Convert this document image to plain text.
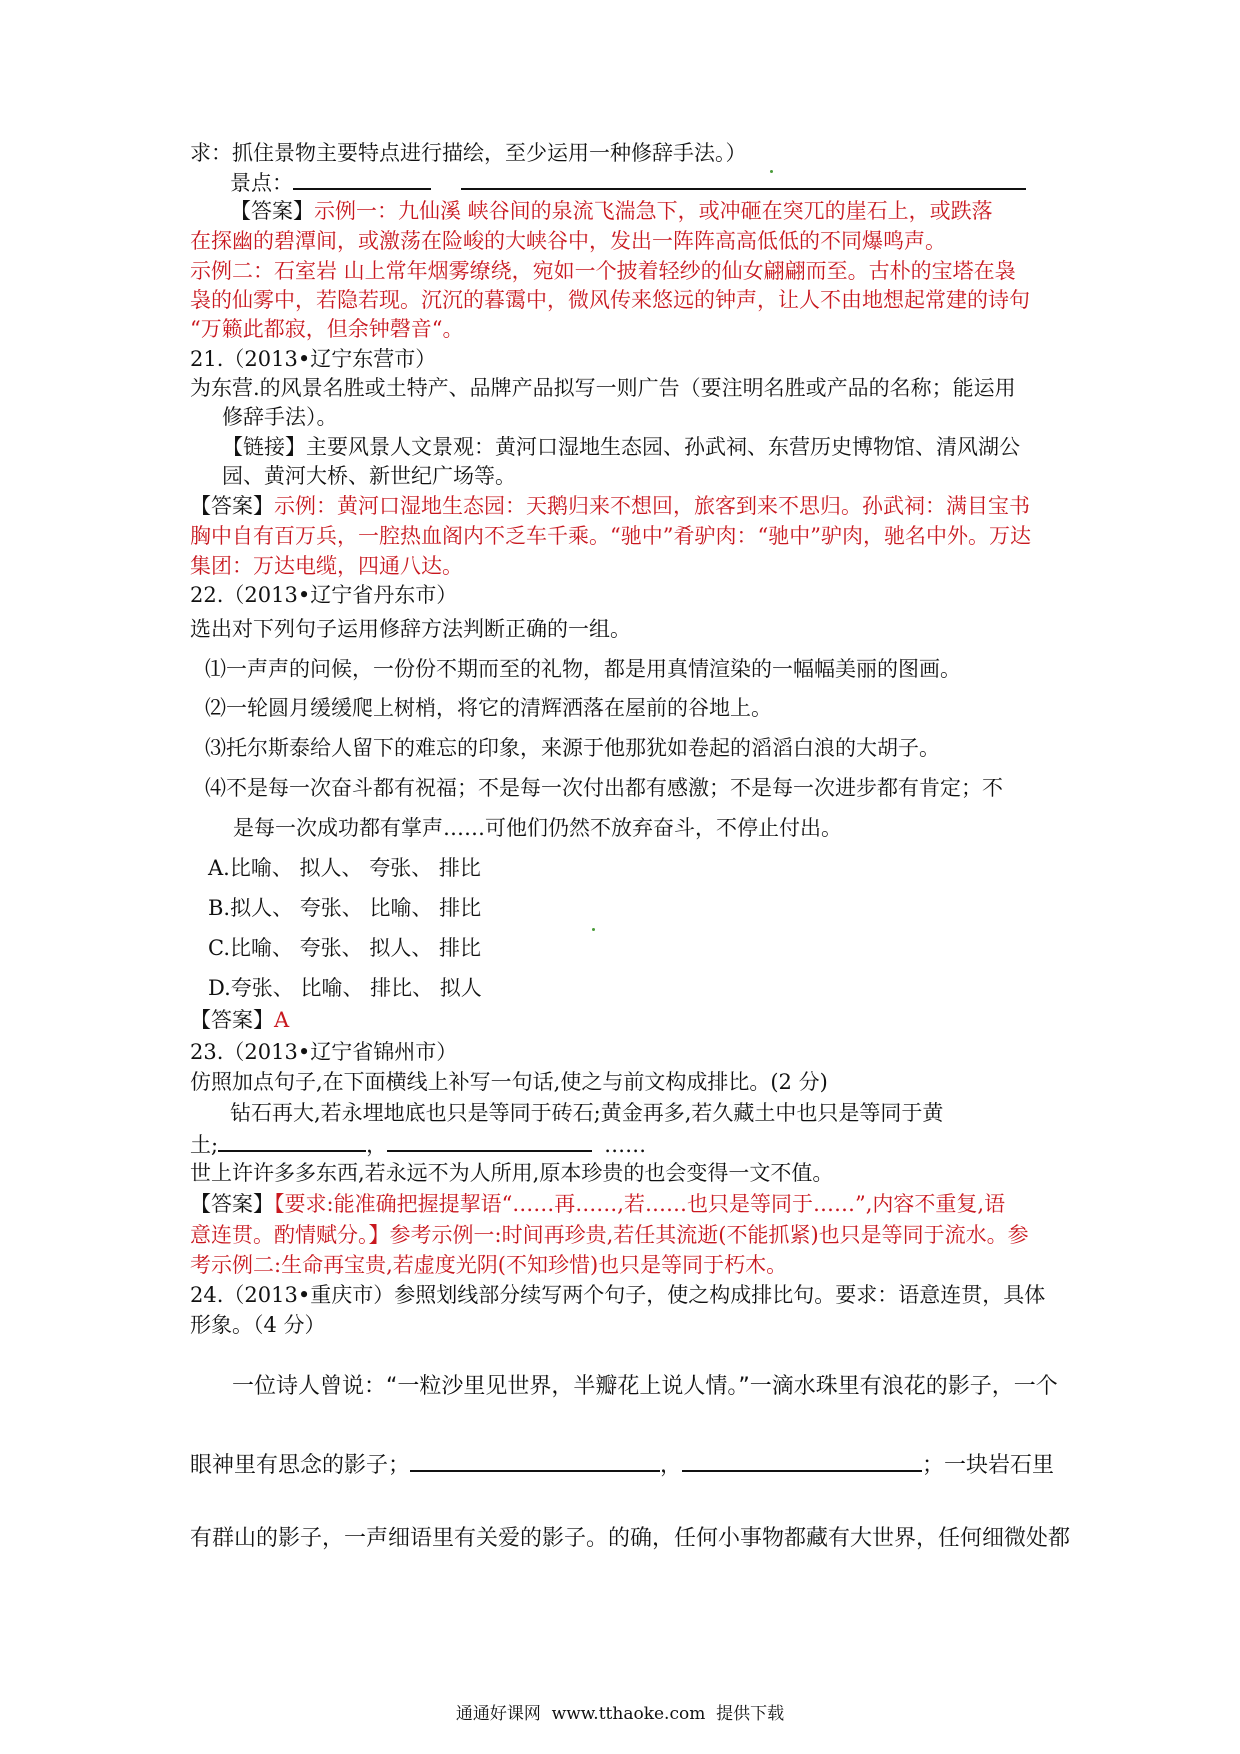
求：抓住景物主要特点进行描绘，至少运用一种修辞手法。）
景点：
【答案】示例一：九仙溪 峡谷间的泉流飞湍急下，或冲砸在突兀的崖石上，或跌落
在探幽的碧潭间，或激荡在险峻的大峡谷中，发出一阵阵高高低低的不同爆鸣声。
示例二：石室岩 山上常年烟雾缭绕，宛如一个披着轻纱的仙女翩翩而至。古朴的宝塔在袅
袅的仙雾中，若隐若现。沉沉的暮霭中，微风传来悠远的钟声，让人不由地想起常建的诗句
“万籁此都寂，但余钟磬音“。
21.（2013•辽宁东营市）
为东营.的风景名胜或土特产、品牌产品拟写一则广告（要注明名胜或产品的名称；能运用
修辞手法）。
【链接】主要风景人文景观：黄河口湿地生态园、孙武祠、东营历史博物馆、清风湖公
园、黄河大桥、新世纪广场等。
【答案】示例：黄河口湿地生态园：天鹅归来不想回，旅客到来不思归。孙武祠：满目宝书
胸中自有百万兵，一腔热血阁内不乏车千乘。“驰中”肴驴肉：“驰中”驴肉，驰名中外。万达
集团：万达电缆，四通八达。
22.（2013•辽宁省丹东市）
选出对下列句子运用修辞方法判断正确的一组。
⑴一声声的问候，一份份不期而至的礼物，都是用真情渲染的一幅幅美丽的图画。
⑵一轮圆月缓缓爬上树梢，将它的清辉洒落在屋前的谷地上。
⑶托尔斯泰给人留下的难忘的印象，来源于他那犹如卷起的滔滔白浪的大胡子。
⑷不是每一次奋斗都有祝福；不是每一次付出都有感激；不是每一次进步都有肯定；不
是每一次成功都有掌声……可他们仍然不放弃奋斗，不停止付出。
A.比喻、 拟人、 夸张、 排比
B.拟人、 夸张、 比喻、 排比
C.比喻、 夸张、 拟人、 排比
D.夸张、 比喻、 排比、 拟人
【答案】A
23.（2013•辽宁省锦州市）
仿照加点句子,在下面横线上补写一句话,使之与前文构成排比。(2 分)
钻石再大,若永埋地底也只是等同于砖石;黄金再多,若久藏土中也只是等同于黄
土;	，	……
世上许许多多东西,若永远不为人所用,原本珍贵的也会变得一文不值。
【答案】【要求:能准确把握提挈语“……再……,若……也只是等同于……”,内容不重复,语
意连贯。酌情赋分。】参考示例一:时间再珍贵,若任其流逝(不能抓紧)也只是等同于流水。参
考示例二:生命再宝贵,若虚度光阴(不知珍惜)也只是等同于朽木。
24.（2013•重庆市）参照划线部分续写两个句子，使之构成排比句。要求：语意连贯，具体
形象。（4 分）
一位诗人曾说：“一粒沙里见世界，半瓣花上说人情。”一滴水珠里有浪花的影子，一个
眼神里有思念的影子；	，	；一块岩石里
有群山的影子，一声细语里有关爱的影子。的确，任何小事物都藏有大世界，任何细微处都
通通好课网  www.tthaoke.com  提供下载
